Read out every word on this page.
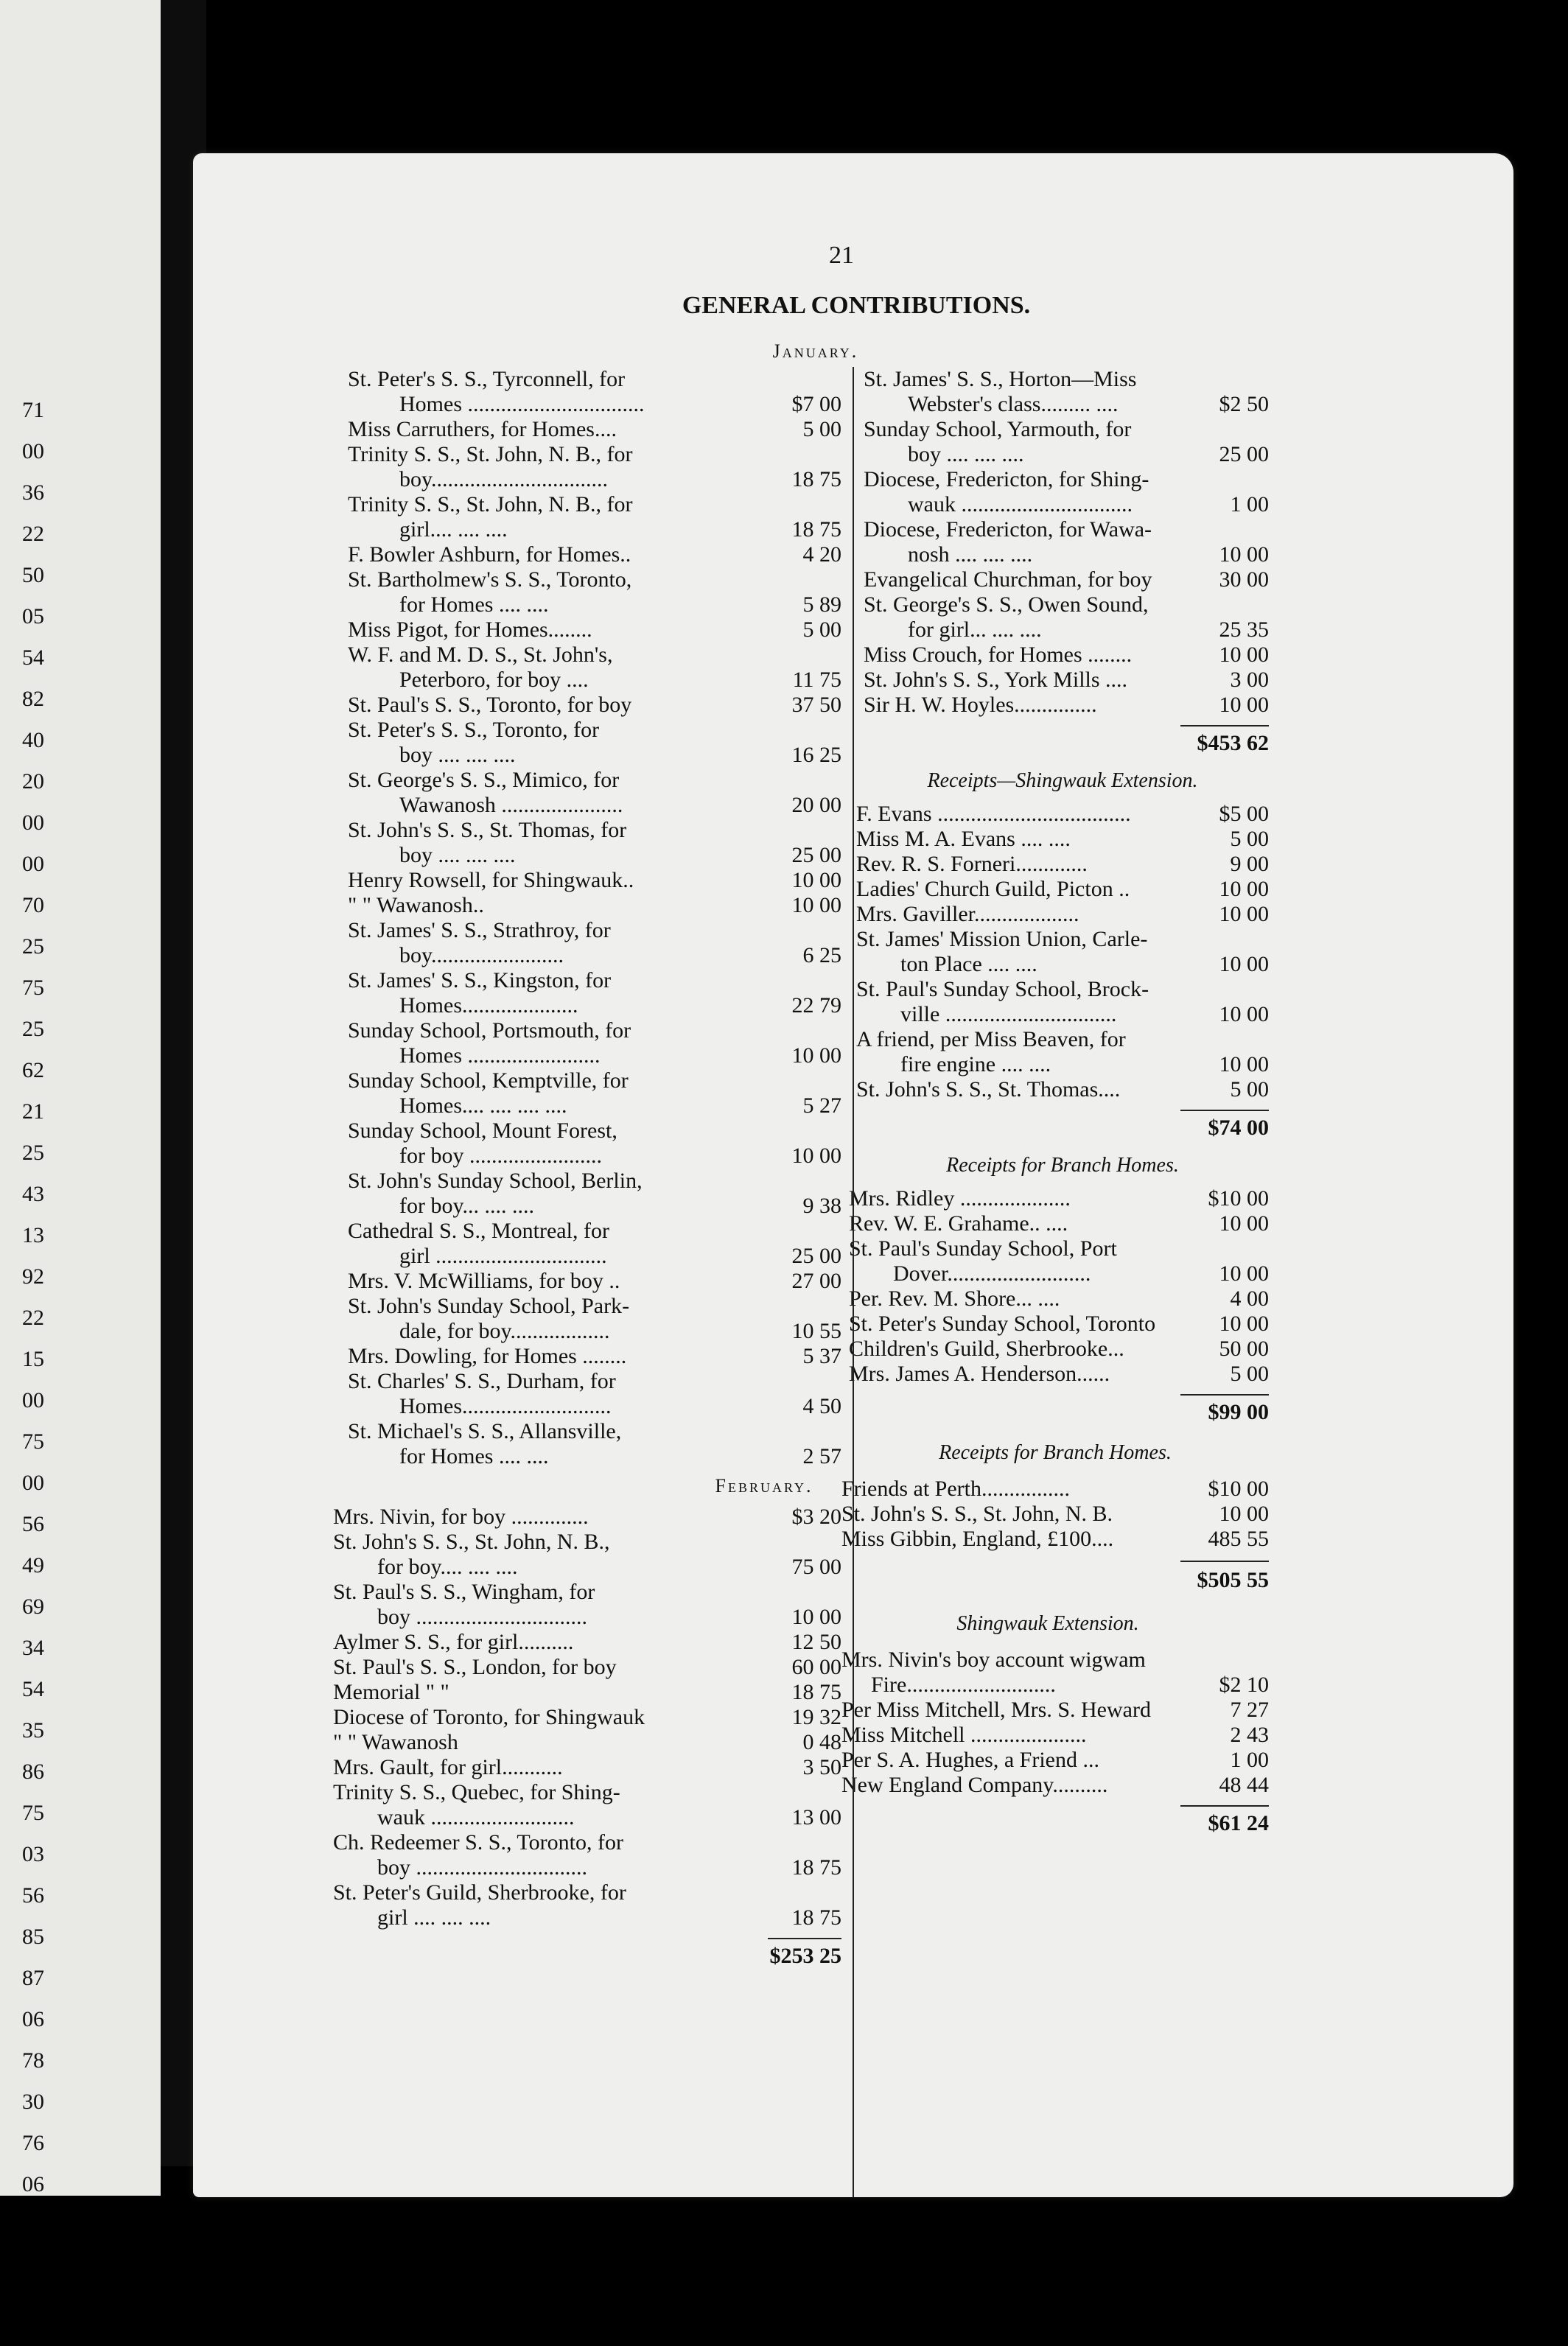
71
00
36
22
50
05
54
82
40
20
00
00
70
25
75
25
62
21
25
43
13
92
22
15
00
75
00
56
49
69
34
54
35
86
75
03
56
85
87
06
78
30
76
06
21
GENERAL CONTRIBUTIONS.
January.
St. Peter's S. S., Tyrconnell, for
Homes ................................	$7 00
Miss Carruthers, for Homes....	5 00
Trinity S. S., St. John, N. B., for
boy................................	18 75
Trinity S. S., St. John, N. B., for
girl.... .... ....	18 75
F. Bowler Ashburn, for Homes..	4 20
St. Bartholmew's S. S., Toronto,
for Homes .... ....	5 89
Miss Pigot, for Homes........	5 00
W. F. and M. D. S., St. John's,
Peterboro, for boy ....	11 75
St. Paul's S. S., Toronto, for boy	37 50
St. Peter's S. S., Toronto, for
boy .... .... ....	16 25
St. George's S. S., Mimico, for
Wawanosh ......................	20 00
St. John's S. S., St. Thomas, for
boy .... .... ....	25 00
Henry Rowsell, for Shingwauk..	10 00
" " Wawanosh..	10 00
St. James' S. S., Strathroy, for
boy........................	6 25
St. James' S. S., Kingston, for
Homes.....................	22 79
Sunday School, Portsmouth, for
Homes ........................	10 00
Sunday School, Kemptville, for
Homes.... .... .... ....	5 27
Sunday School, Mount Forest,
for boy ........................	10 00
St. John's Sunday School, Berlin,
for boy... .... ....	9 38
Cathedral S. S., Montreal, for
girl ...............................	25 00
Mrs. V. McWilliams, for boy ..	27 00
St. John's Sunday School, Park-
dale, for boy..................	10 55
Mrs. Dowling, for Homes ........	5 37
St. Charles' S. S., Durham, for
Homes...........................	4 50
St. Michael's S. S., Allansville,
for Homes .... ....	2 57
February.
Mrs. Nivin, for boy ..............	$3 20
St. John's S. S., St. John, N. B.,
for boy.... .... ....	75 00
St. Paul's S. S., Wingham, for
boy ...............................	10 00
Aylmer S. S., for girl..........	12 50
St. Paul's S. S., London, for boy	60 00
Memorial " "	18 75
Diocese of Toronto, for Shingwauk	19 32
" " Wawanosh	0 48
Mrs. Gault, for girl...........	3 50
Trinity S. S., Quebec, for Shing-
wauk ..........................	13 00
Ch. Redeemer S. S., Toronto, for
boy ...............................	18 75
St. Peter's Guild, Sherbrooke, for
girl .... .... ....	18 75
$253 25
St. James' S. S., Horton—Miss
Webster's class......... ....	$2 50
Sunday School, Yarmouth, for
boy .... .... ....	25 00
Diocese, Fredericton, for Shing-
wauk ...............................	1 00
Diocese, Fredericton, for Wawa-
nosh .... .... ....	10 00
Evangelical Churchman, for boy	30 00
St. George's S. S., Owen Sound,
for girl... .... ....	25 35
Miss Crouch, for Homes ........	10 00
St. John's S. S., York Mills ....	3 00
Sir H. W. Hoyles...............	10 00
$453 62
Receipts—Shingwauk Extension.
F. Evans ...................................	$5 00
Miss M. A. Evans .... ....	5 00
Rev. R. S. Forneri.............	9 00
Ladies' Church Guild, Picton ..	10 00
Mrs. Gaviller...................	10 00
St. James' Mission Union, Carle-
ton Place .... ....	10 00
St. Paul's Sunday School, Brock-
ville ...............................	10 00
A friend, per Miss Beaven, for
fire engine .... ....	10 00
St. John's S. S., St. Thomas....	5 00
$74 00
Receipts for Branch Homes.
Mrs. Ridley ....................	$10 00
Rev. W. E. Grahame.. ....	10 00
St. Paul's Sunday School, Port
Dover..........................	10 00
Per. Rev. M. Shore... ....	4 00
St. Peter's Sunday School, Toronto	10 00
Children's Guild, Sherbrooke...	50 00
Mrs. James A. Henderson......	5 00
$99 00
Receipts for Branch Homes.
Friends at Perth................	$10 00
St. John's S. S., St. John, N. B.	10 00
Miss Gibbin, England, £100....	485 55
$505 55
Shingwauk Extension.
Mrs. Nivin's boy account wigwam
Fire...........................	$2 10
Per Miss Mitchell, Mrs. S. Heward	7 27
Miss Mitchell .....................	2 43
Per S. A. Hughes, a Friend ...	1 00
New England Company..........	48 44
$61 24
